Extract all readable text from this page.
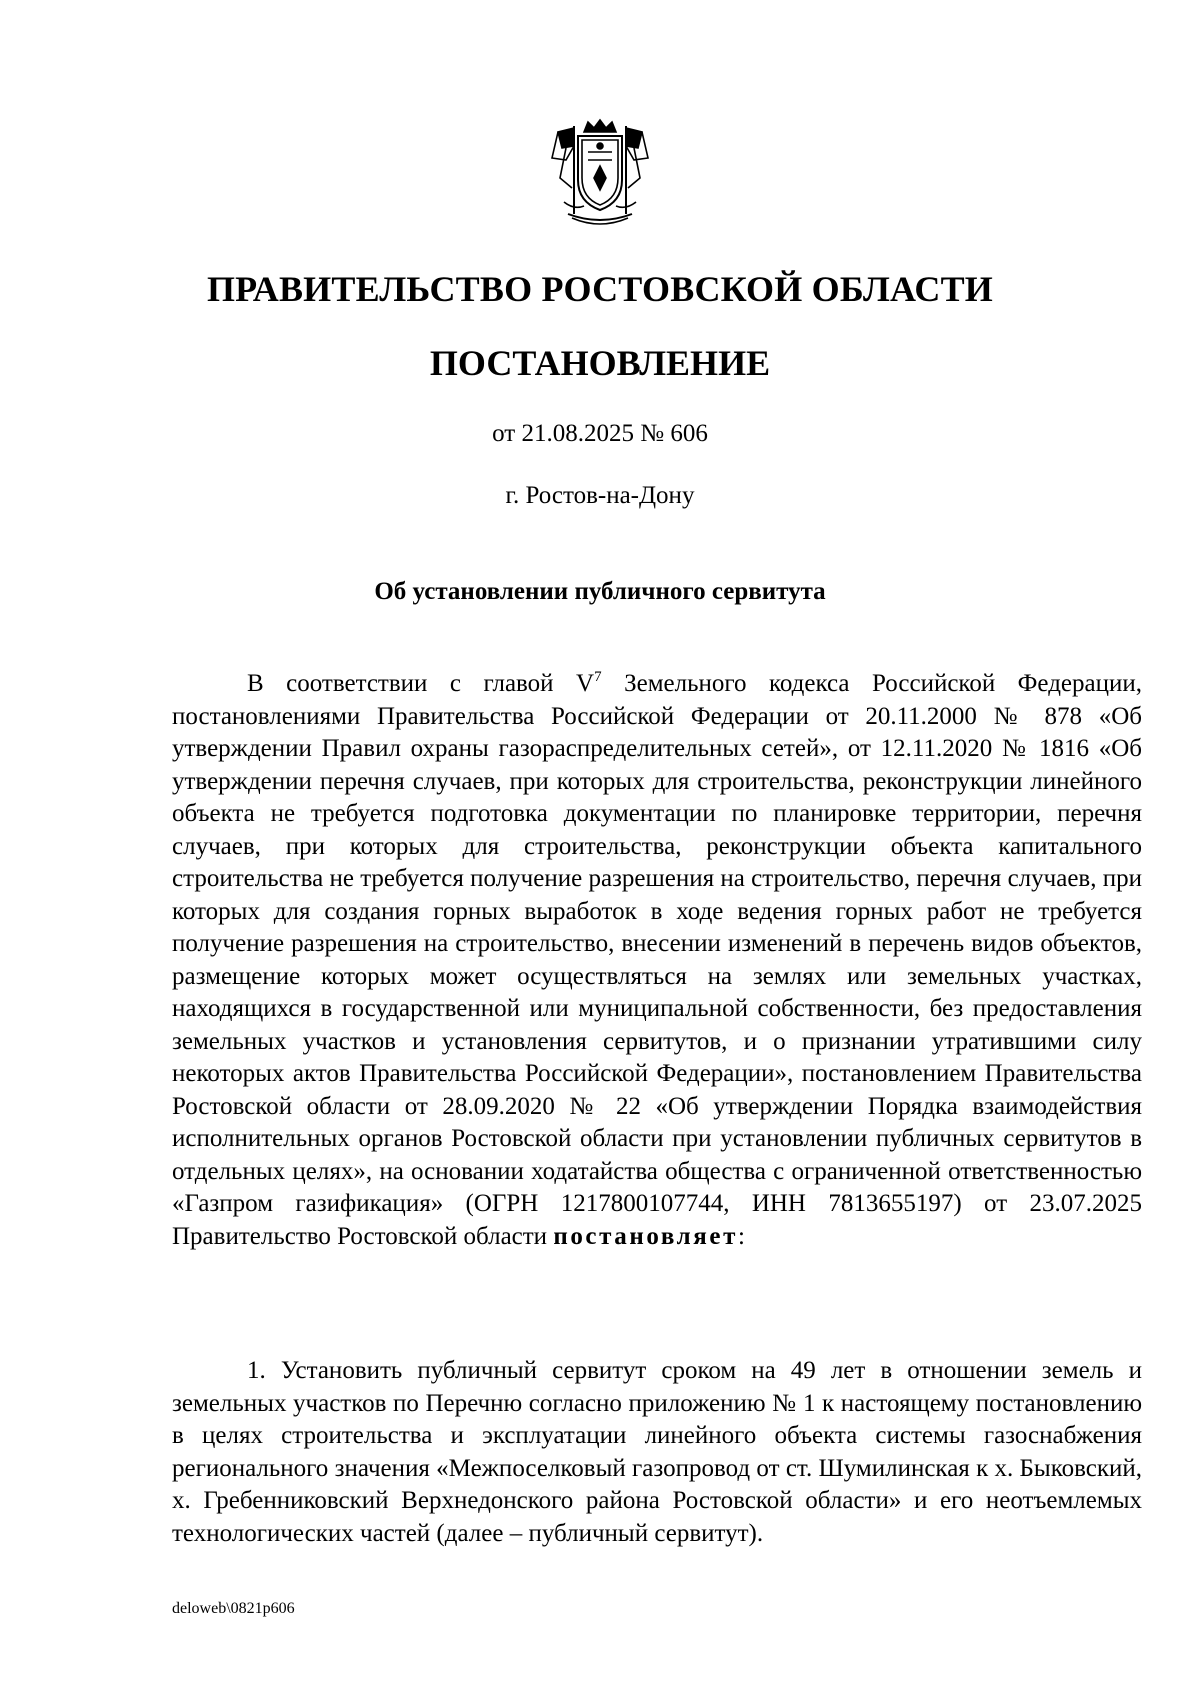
ПРАВИТЕЛЬСТВО РОСТОВСКОЙ ОБЛАСТИ
ПОСТАНОВЛЕНИЕ
от 21.08.2025 № 606
г. Ростов-на-Дону
Об установлении публичного сервитута
В соответствии с главой $V^7$ Земельного кодекса Российской Федерации, постановлениями Правительства Российской Федерации от 20.11.2000 № 878 «Об утверждении Правил охраны газораспределительных сетей», от 12.11.2020 № 1816 «Об утверждении перечня случаев, при которых для строительства, реконструкции линейного объекта не требуется подготовка документации по планировке территории, перечня случаев, при которых для строительства, реконструкции объекта капитального строительства не требуется получение разрешения на строительство, перечня случаев, при которых для создания горных выработок в ходе ведения горных работ не требуется получение разрешения на строительство, внесении изменений в перечень видов объектов, размещение которых может осуществляться на землях или земельных участках, находящихся в государственной или муниципальной собственности, без предоставления земельных участков и установления сервитутов, и о признании утратившими силу некоторых актов Правительства Российской Федерации», постановлением Правительства Ростовской области от 28.09.2020 № 22 «Об утверждении Порядка взаимодействия исполнительных органов Ростовской области при установлении публичных сервитутов в отдельных целях», на основании ходатайства общества с ограниченной ответственностью «Газпром газификация» (ОГРН 1217800107744, ИНН 7813655197) от 23.07.2025 Правительство Ростовской области постановляет:
1. Установить публичный сервитут сроком на 49 лет в отношении земель и земельных участков по Перечню согласно приложению № 1 к настоящему постановлению в целях строительства и эксплуатации линейного объекта системы газоснабжения регионального значения «Межпоселковый газопровод от ст. Шумилинская к х. Быковский, х. Гребенниковский Верхнедонского района Ростовской области» и его неотъемлемых технологических частей (далее – публичный сервитут).
deloweb\0821p606
